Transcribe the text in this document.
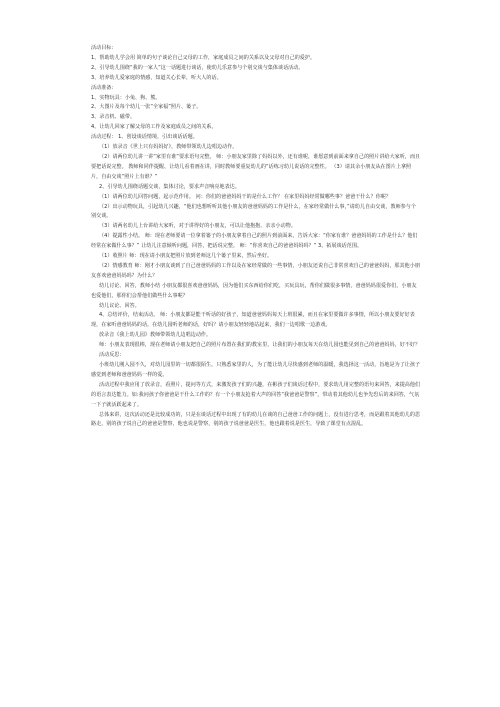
活动目标:

1、帮助幼儿学会用 简单的句子谈论自己父母的工作，家庭成员之间的关系以及父母对自己的爱护。

2、引导幼儿围绕“我的一家人”这一话题进行谈话，使幼儿乐意参与个别交谈与集体谈话活动。

3、培养幼儿爱家庭的情感，知道关心长辈，听大人的话。

活动准备:

1、实物玩具：小兔、狗、熊。

2、大图片及每个幼儿一张“全家福”照片、篓子。

3、录音机、磁带。

4、让幼儿回家了解父母的工作及家庭成员之间的关系。

活动过程： 1、创设谈话情境，引出谈话话题。

（1）放录音《世上只有妈妈好》，教师带领幼儿边唱边动作。

（2）请两位幼儿讲一讲“家里有谁”要求语句完整。 师：小朋友家里除了妈妈以外，还有谁呢，谁愿意到前面来拿自己的照片讲给大家听，而且要把话说完整。 教师和同伴提醒、让幼儿看着画在讲，同时教师要重复幼儿的“话练习幼儿说话的完整性。 （3）请其余小朋友从在图片上拿照片，自由交谈“照片上有谁？”

2、引导幼儿围绕话题交谈，集体讨论，要求声音响亮地表达。

（1）请两位幼儿回答问题，起示范作用。 问：你们的爸爸妈妈干的是什么工作？ 在家里妈妈经常做哪些事？爸爸干什么？你呢？

（2）出示动物玩具，引起幼儿兴趣，“他们也想听听其他小朋友的爸爸妈妈的工作是什么，在家经常做什么事，”请幼儿自由交谈，教师参与个别交谈。

（3）请两名幼儿上台讲给大家听，对于讲得好的小朋友，可以让他抱抱、亲亲小动物。

（4）提露性小结。 师：现在老师要请一位拿着篓子的小朋友拿着自己的照片到前面来，告诉大家：“你家有谁？爸爸妈妈的工作是什么？他们经常在家做什么事？” 让幼儿注意倾听问题，回答，把话说完整。 师：“你喜欢自己的爸爸妈妈吗？” 3、拓展谈话范围。

（1）收照片 师：现在请小朋友把照片放到老师这几个篓子里来，然后坐好。

（2）情感教育 师：刚才小朋友谈到了自己爸爸妈妈的工作以及在家经常做的一些事情，小朋友还说自己非常喜欢自己的爸爸妈妈，那其他小朋友喜欢爸爸妈妈吗？为什么？

幼儿讨论、回答，教师小结 小朋友都很喜欢爸爸妈妈，因为他们买东西给你们吃，买玩具玩，帮你们做很多事情，爸爸妈妈很爱你们，小朋友也爱他们，那你们会帮他们做些什么事呢？

幼儿议论、回答。

4、总结评价，结束活动。 师：小朋友都是能干听话的好孩子，知道爸爸妈妈每天上班很累，而且在家里要做许多事情，所以小朋友要好好表现，在家听爸爸妈妈的话，在幼儿园听老师的话，好吗？请小朋友轻轻地站起来，我们一边唱歌一边游戏。

放录音《我上幼儿园》教师带领幼儿边唱边动作。

师：小朋友表现很棒，现在老师请小朋友把自己的照片布置在我们的教室里，让我们的小朋友每天在幼儿园也能见到自己的爸爸妈妈，好不好？

活动反思：

小班幼儿刚入园不久，对幼儿园里的一切都很陌生，只熟悉家里的人，为了能让幼儿尽快感到老师的温暖，我选择这一活动，旨地是为了让孩子感觉到老师和爸爸妈妈一样的爱。

活动过程中我应用了放录音，看照片，提问等方式，来激发孩子们的兴趣，在彬孩子们谈话过程中，要求幼儿用完整的语句来回答，来提高他们的语言表达能力。如:我问孩子你爸爸是干什么工作的？有一个小朋友抢着大声的回答“我爸爸是警察”，带动着其他幼儿也争先恐后的来回答，气氛一下子就活跃起来了。

总体来讲，这次活动还是比较成功的，只是在谈话过程中出现了有的幼儿在谈的自己爸爸工作的问题上，没有进行思考，而是跟着其他幼儿的思路走，别的孩子说自己的爸爸是警察，他也说是警察，别的孩子说爸爸是医生，他也跟着说是医生，导致了课堂有点混乱。
